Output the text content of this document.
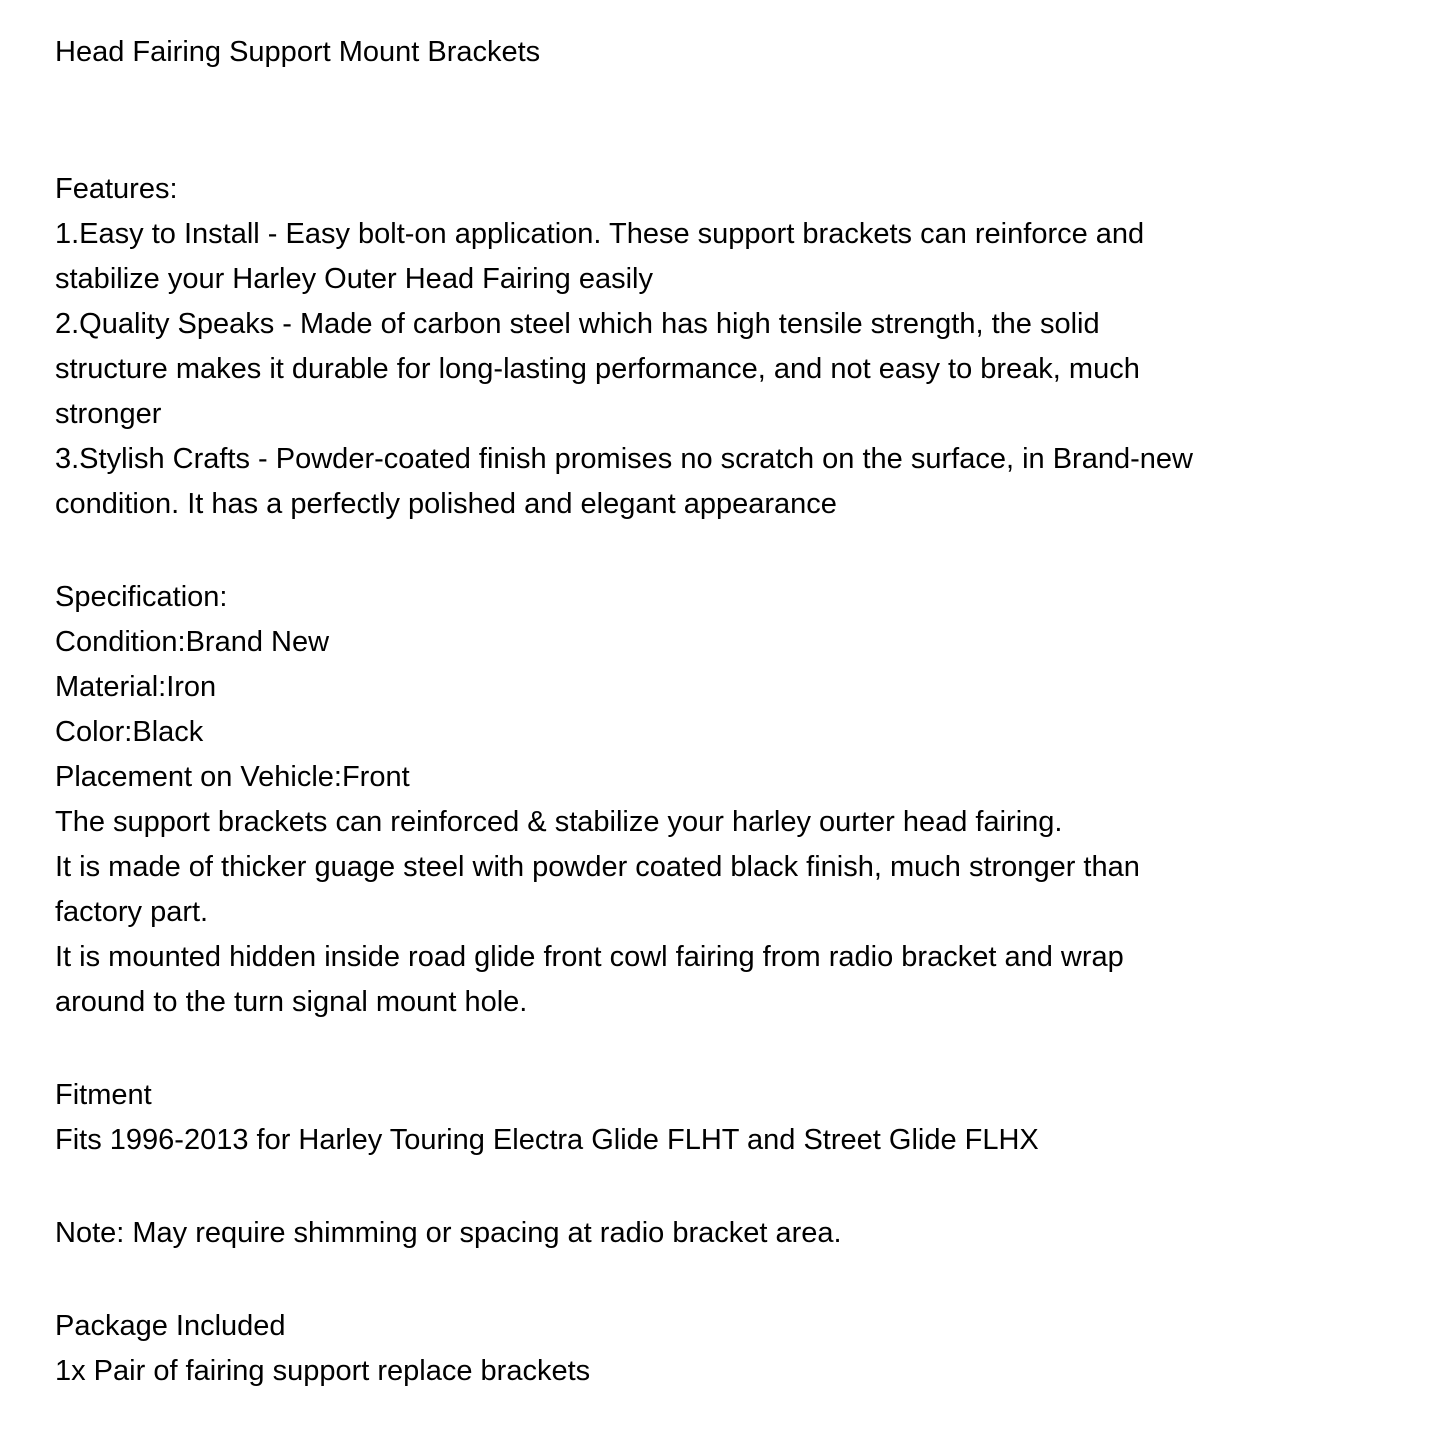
Head Fairing Support Mount Brackets
Features:
1.Easy to Install - Easy bolt-on application. These support brackets can reinforce and
stabilize your Harley Outer Head Fairing easily
2.Quality Speaks - Made of carbon steel which has high tensile strength, the solid
structure makes it durable for long-lasting performance, and not easy to break, much
stronger
3.Stylish Crafts - Powder-coated finish promises no scratch on the surface, in Brand-new
condition. It has a perfectly polished and elegant appearance
Specification:
Condition:Brand New
Material:Iron
Color:Black
Placement on Vehicle:Front
The support brackets can reinforced & stabilize your harley ourter head fairing.
It is made of thicker guage steel with powder coated black finish, much stronger than
factory part.
It is mounted hidden inside road glide front cowl fairing from radio bracket and wrap
around to the turn signal mount hole.
Fitment
Fits 1996-2013 for Harley Touring Electra Glide FLHT and Street Glide FLHX
Note: May require shimming or spacing at radio bracket area.
Package Included
1x Pair of fairing support replace brackets
